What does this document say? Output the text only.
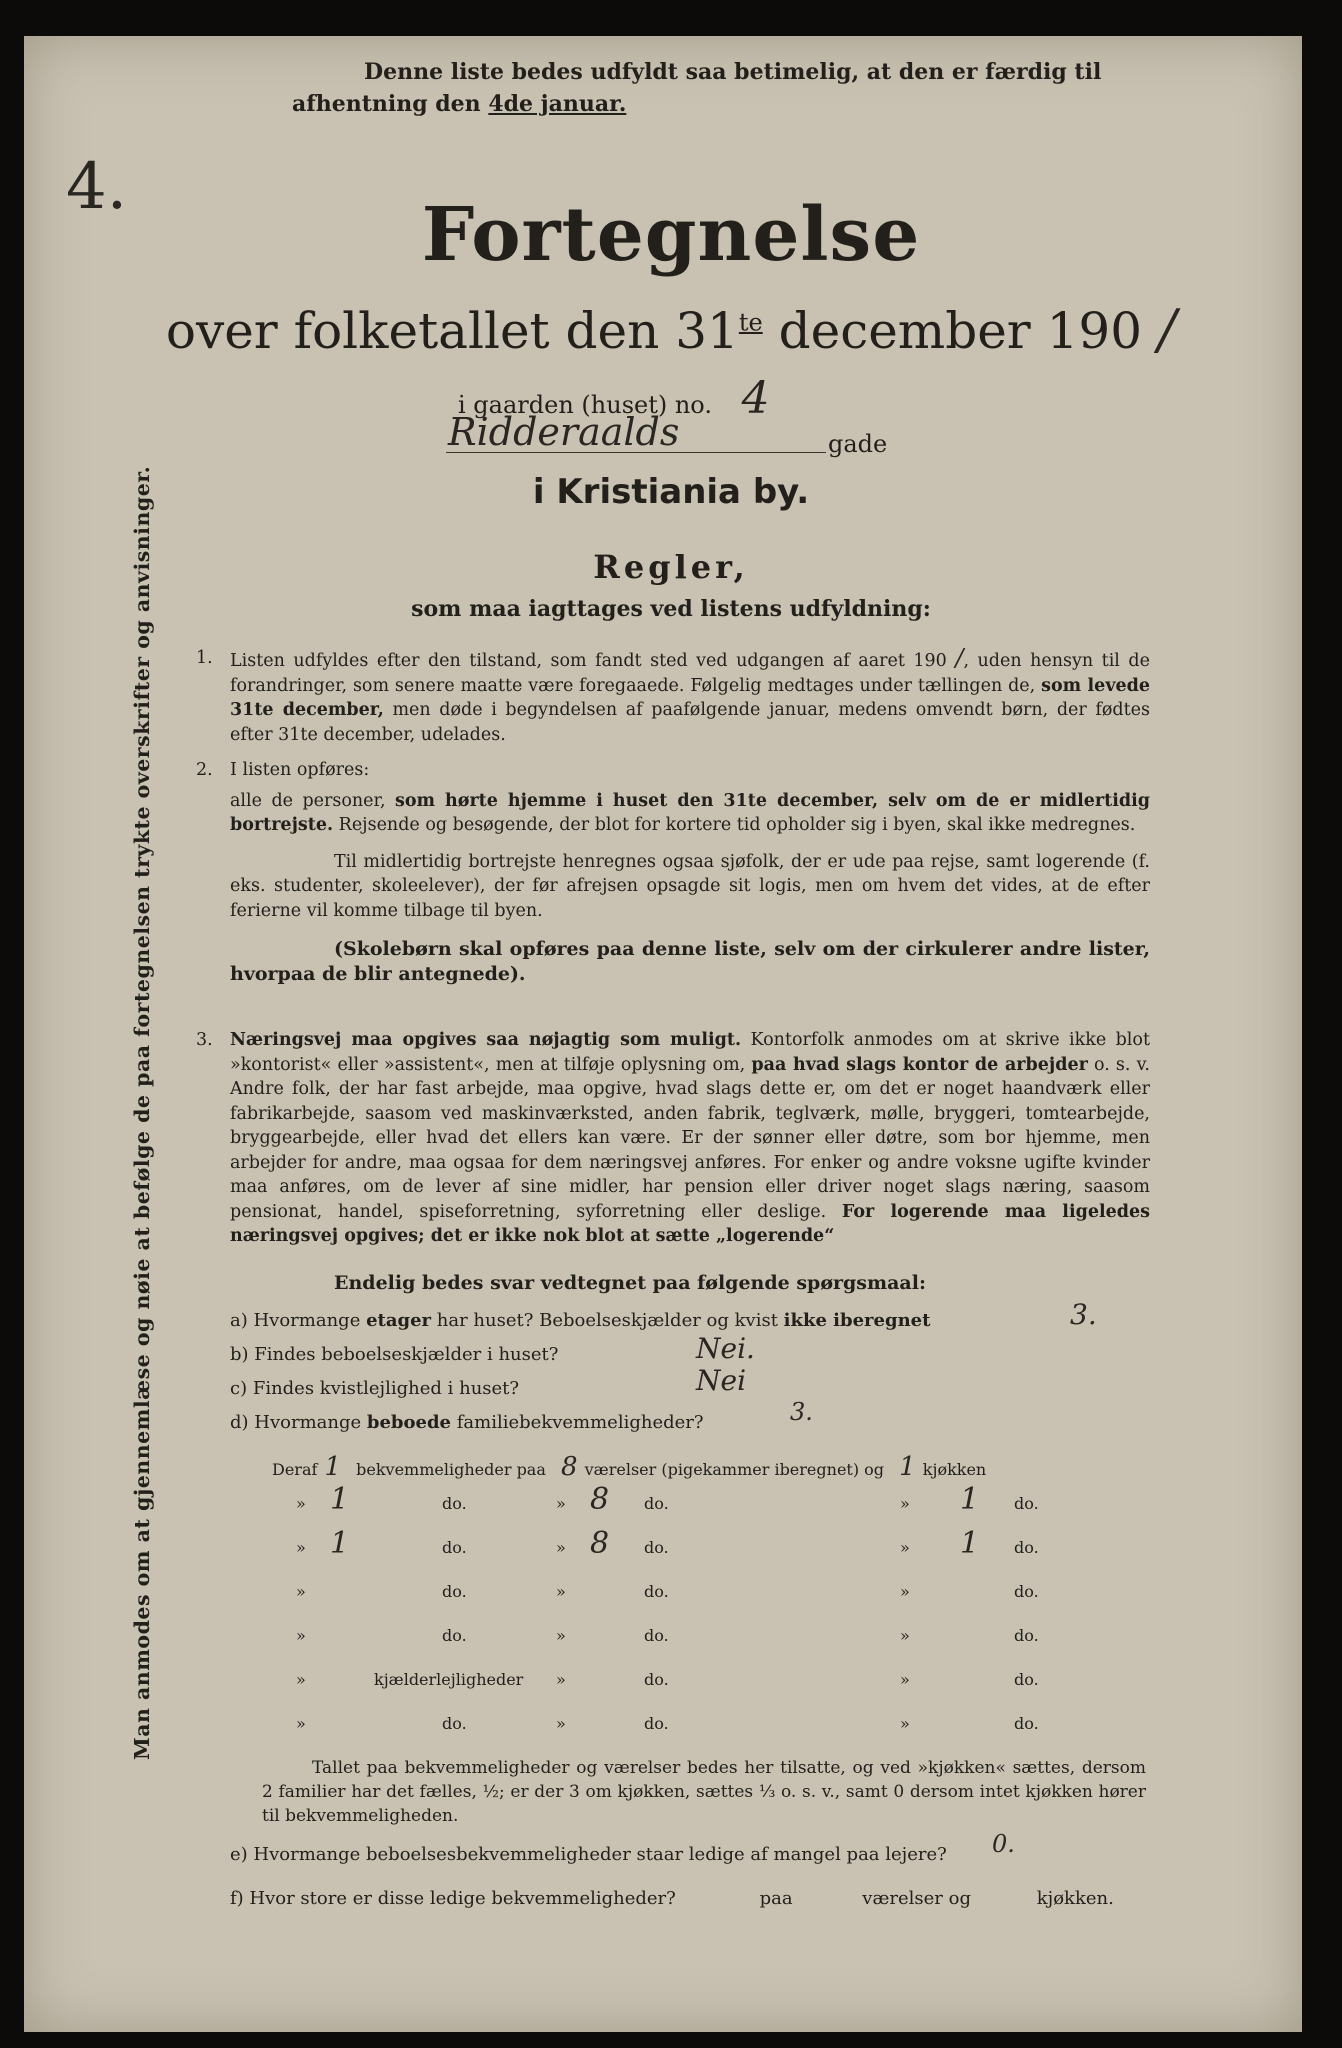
4.
Denne liste bedes udfyldt saa betimelig, at den er færdig til
afhentning den 4de januar.
Fortegnelse
over folketallet den $31^{te}$ december 190 /
i gaarden (huset) no. 4
Ridderaalds	gade
i Kristiania by.
Regler,
som maa iagttages ved listens udfyldning:
1. Listen udfyldes efter den tilstand, som fandt sted ved udgangen af aaret 190 /, uden hensyn til de forandringer, som senere maatte være foregaaede. Følgelig medtages under tællingen de, som levede 31te december, men døde i begyndelsen af paafølgende januar, medens omvendt børn, der fødtes efter 31te december, udelades.
2. I listen opføres:
alle de personer, som hørte hjemme i huset den 31te december, selv om de er midlertidig bortrejste. Rejsende og besøgende, der blot for kortere tid opholder sig i byen, skal ikke medregnes.
Til midlertidig bortrejste henregnes ogsaa sjøfolk, der er ude paa rejse, samt logerende (f. eks. studenter, skoleelever), der før afrejsen opsagde sit logis, men om hvem det vides, at de efter ferierne vil komme tilbage til byen.
(Skolebørn skal opføres paa denne liste, selv om der cirkulerer andre lister, hvorpaa de blir antegnede).
3. Næringsvej maa opgives saa nøjagtig som muligt. Kontorfolk anmodes om at skrive ikke blot »kontorist« eller »assistent«, men at tilføje oplysning om, paa hvad slags kontor de arbejder o. s. v. Andre folk, der har fast arbejde, maa opgive, hvad slags dette er, om det er noget haandværk eller fabrikarbejde, saasom ved maskinværksted, anden fabrik, teglværk, mølle, bryggeri, tomtearbejde, bryggearbejde, eller hvad det ellers kan være. Er der sønner eller døtre, som bor hjemme, men arbejder for andre, maa ogsaa for dem næringsvej anføres. For enker og andre voksne ugifte kvinder maa anføres, om de lever af sine midler, har pension eller driver noget slags næring, saasom pensionat, handel, spiseforretning, syforretning eller deslige. For logerende maa ligeledes næringsvej opgives; det er ikke nok blot at sætte „logerende“
Endelig bedes svar vedtegnet paa følgende spørgsmaal:
a) Hvormange etager har huset? Beboelseskjælder og kvist ikke iberegnet	3.
b) Findes beboelseskjælder i huset?	Nei.
c) Findes kvistlejlighed i huset?	Nei
d) Hvormange beboede familiebekvemmeligheder?	3.
Deraf 1 bekvemmeligheder paa 8 værelser (pigekammer iberegnet) og 1 kjøkken
» 1	do.	» 8 do.	» 1 do.
» 1	do.	» 8 do.	» 1 do.
»	do.	»	do.	»	do.
»	do.	»	do.	»	do.
»	kjælderlejligheder »	do.	»	do.
»	do.	»	do.	»	do.
Tallet paa bekvemmeligheder og værelser bedes her tilsatte, og ved »kjøkken« sættes, dersom 2 familier har det fælles, ½; er der 3 om kjøkken, sættes ⅓ o. s. v., samt 0 dersom intet kjøkken hører til bekvemmeligheden.
e) Hvormange beboelsesbekvemmeligheder staar ledige af mangel paa lejere? 0.
f) Hvor store er disse ledige bekvemmeligheder?	paa	værelser og	kjøkken.
Man anmodes om at gjennemlæse og nøie at befølge de paa fortegnelsen trykte overskrifter og anvisninger.
